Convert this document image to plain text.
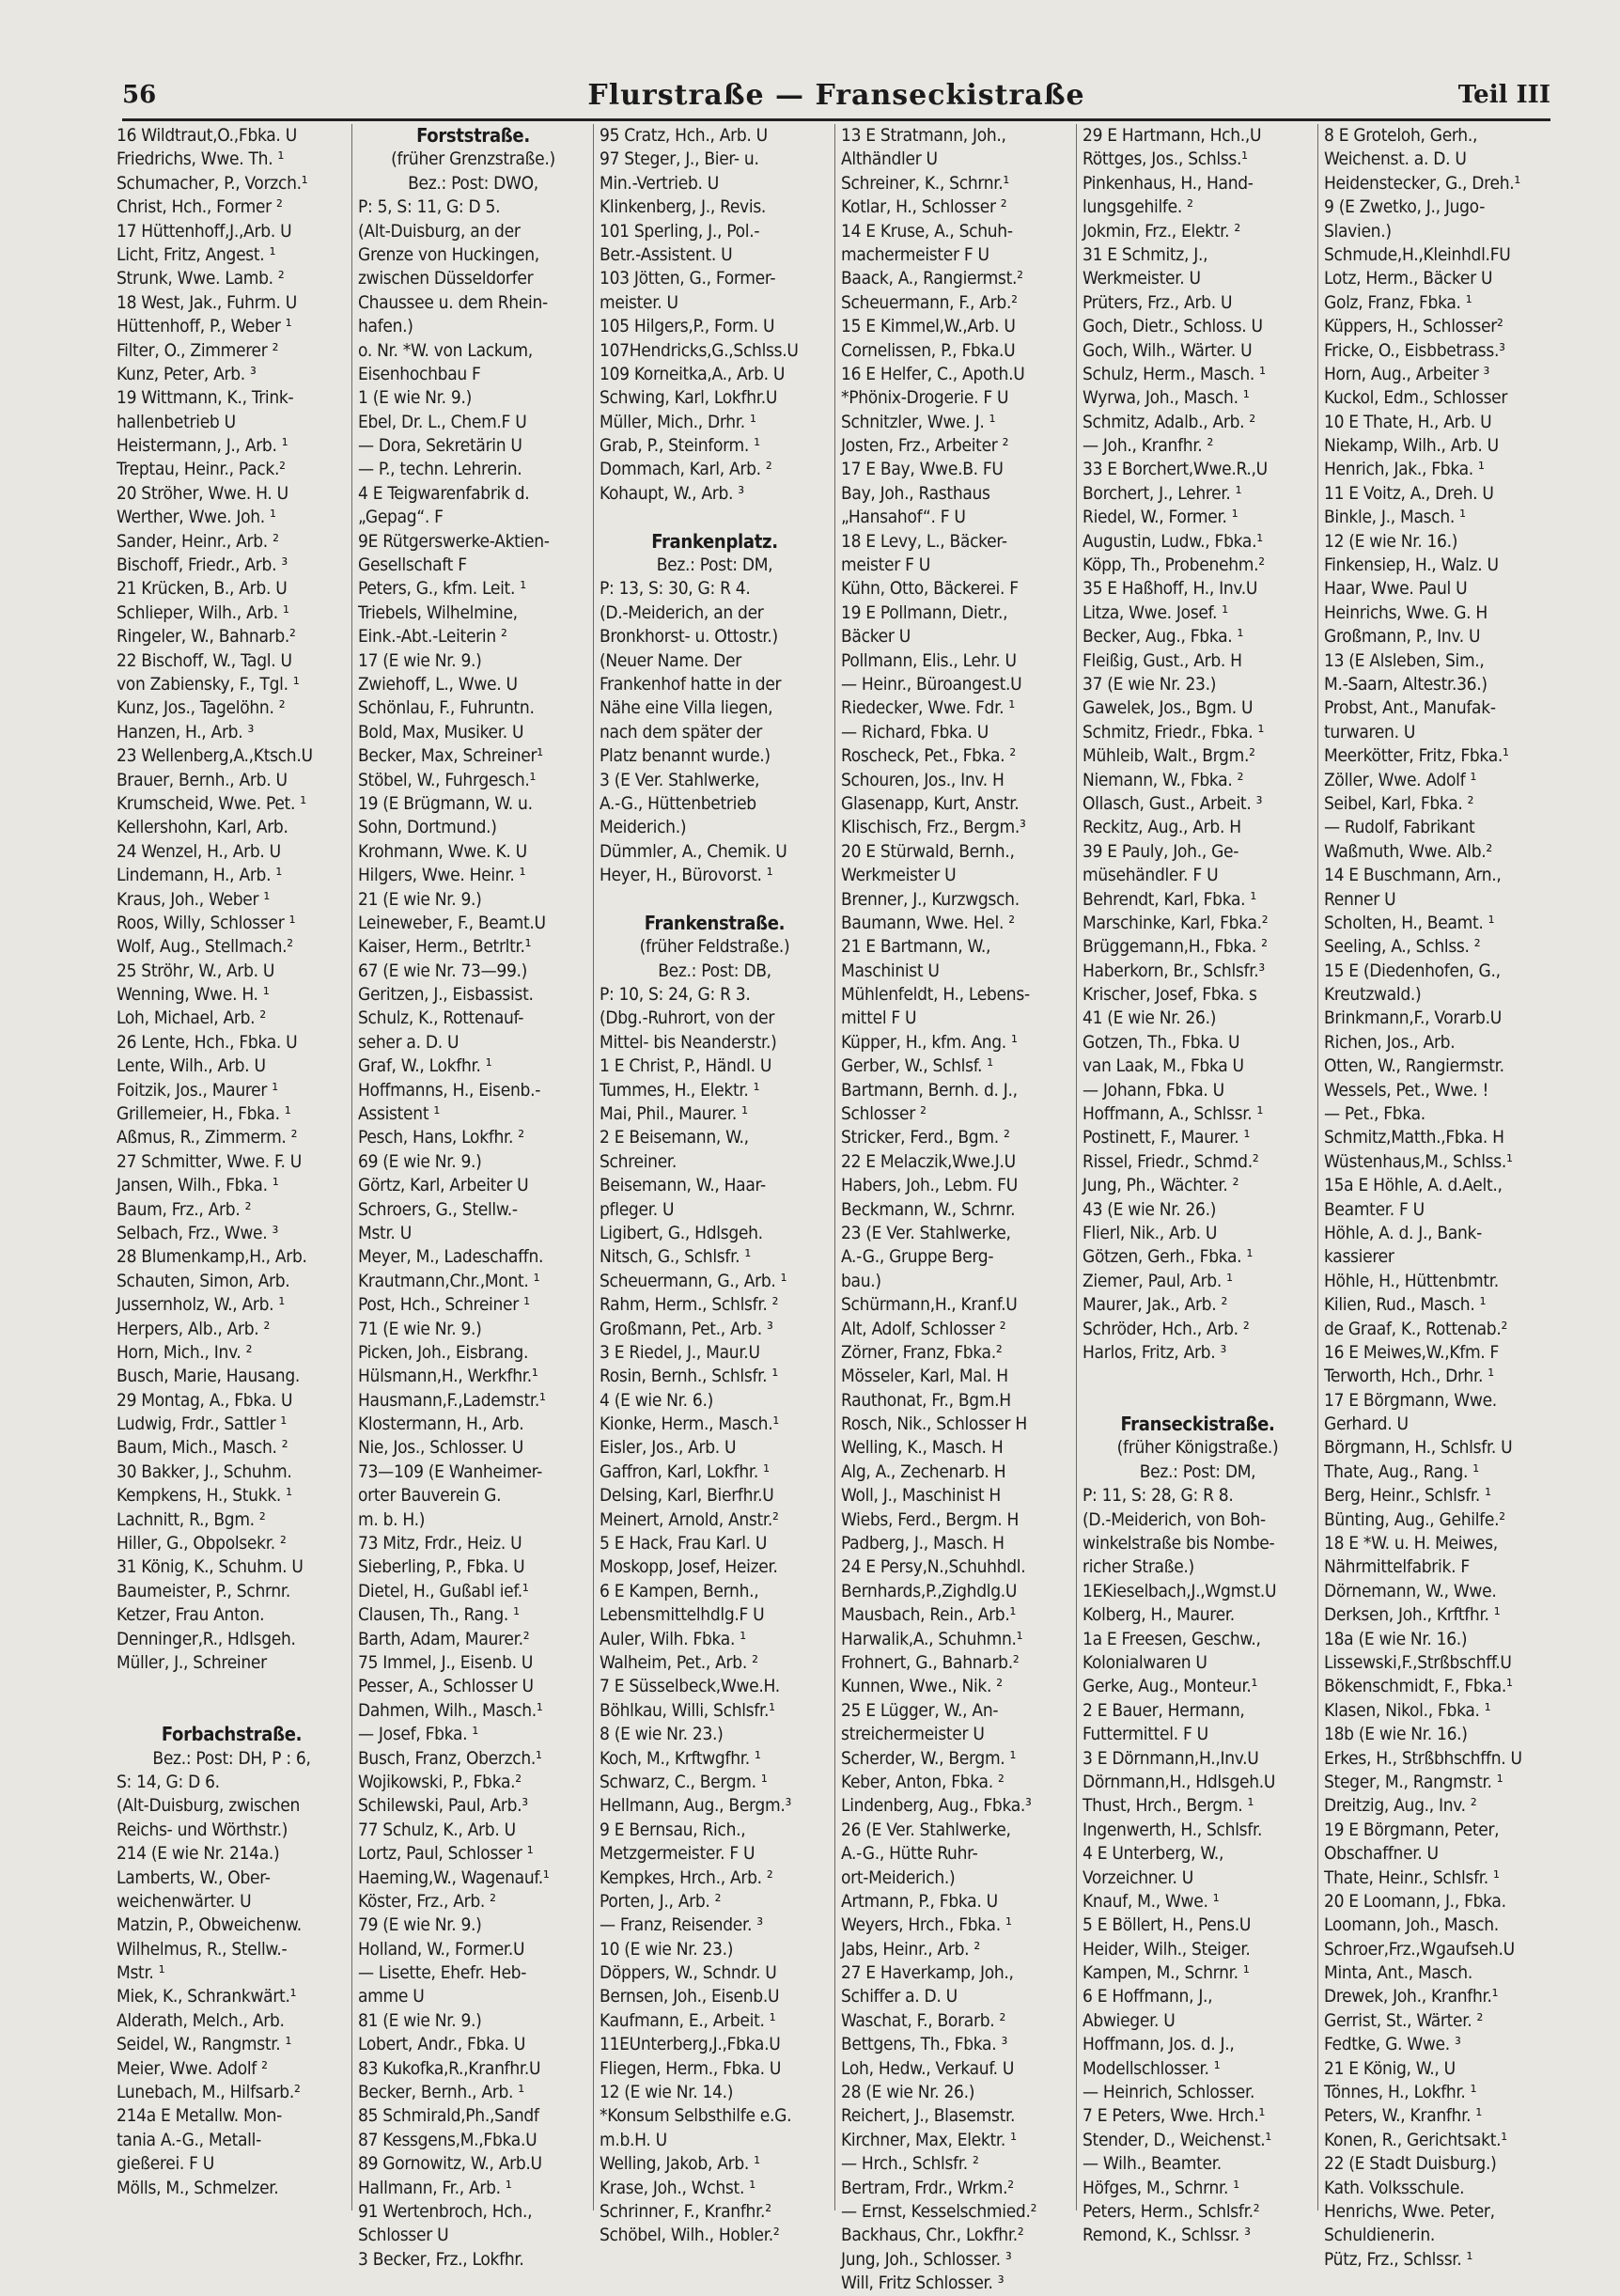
56	Flurstraße — Franseckistraße	Teil III
16 Wildtraut,O.,Fbka. U
Friedrichs, Wwe. Th. ¹
Schumacher, P., Vorzch.¹
Christ, Hch., Former ²
17 Hüttenhoff,J.,Arb. U
Licht, Fritz, Angest. ¹
Strunk, Wwe. Lamb. ²
18 West, Jak., Fuhrm. U
Hüttenhoff, P., Weber ¹
Filter, O., Zimmerer ²
Kunz, Peter, Arb. ³
19 Wittmann, K., Trink-
hallenbetrieb U
Heistermann, J., Arb. ¹
Treptau, Heinr., Pack.²
20 Ströher, Wwe. H. U
Werther, Wwe. Joh. ¹
Sander, Heinr., Arb. ²
Bischoff, Friedr., Arb. ³
21 Krücken, B., Arb. U
Schlieper, Wilh., Arb. ¹
Ringeler, W., Bahnarb.²
22 Bischoff, W., Tagl. U
von Zabiensky, F., Tgl. ¹
Kunz, Jos., Tagelöhn. ²
Hanzen, H., Arb. ³
23 Wellenberg,A.,Ktsch.U
Brauer, Bernh., Arb. U
Krumscheid, Wwe. Pet. ¹
Kellershohn, Karl, Arb.
24 Wenzel, H., Arb. U
Lindemann, H., Arb. ¹
Kraus, Joh., Weber ¹
Roos, Willy, Schlosser ¹
Wolf, Aug., Stellmach.²
25 Ströhr, W., Arb. U
Wenning, Wwe. H. ¹
Loh, Michael, Arb. ²
26 Lente, Hch., Fbka. U
Lente, Wilh., Arb. U
Foitzik, Jos., Maurer ¹
Grillemeier, H., Fbka. ¹
Aßmus, R., Zimmerm. ²
27 Schmitter, Wwe. F. U
Jansen, Wilh., Fbka. ¹
Baum, Frz., Arb. ²
Selbach, Frz., Wwe. ³
28 Blumenkamp,H., Arb.
Schauten, Simon, Arb.
Jussernholz, W., Arb. ¹
Herpers, Alb., Arb. ²
Horn, Mich., Inv. ²
Busch, Marie, Hausang.
29 Montag, A., Fbka. U
Ludwig, Frdr., Sattler ¹
Baum, Mich., Masch. ²
30 Bakker, J., Schuhm.
Kempkens, H., Stukk. ¹
Lachnitt, R., Bgm. ²
Hiller, G., Obpolsekr. ²
31 König, K., Schuhm. U
Baumeister, P., Schrnr.
Ketzer, Frau Anton.
Denninger,R., Hdlsgeh.
Müller, J., Schreiner
Forbachstraße.
Bez.: Post: DH, P : 6,
S: 14, G: D 6.
(Alt-Duisburg, zwischen
Reichs- und Wörthstr.)
214 (E wie Nr. 214a.)
Lamberts, W., Ober-
weichenwärter. U
Matzin, P., Obweichenw.
Wilhelmus, R., Stellw.-
Mstr. ¹
Miek, K., Schrankwärt.¹
Alderath, Melch., Arb.
Seidel, W., Rangmstr. ¹
Meier, Wwe. Adolf ²
Lunebach, M., Hilfsarb.²
214a E Metallw. Mon-
tania A.-G., Metall-
gießerei. F U
Mölls, M., Schmelzer.
Forststraße.
(früher Grenzstraße.)
Bez.: Post: DWO,
P: 5, S: 11, G: D 5.
(Alt-Duisburg, an der
Grenze von Huckingen,
zwischen Düsseldorfer
Chaussee u. dem Rhein-
hafen.)
o. Nr. *W. von Lackum,
Eisenhochbau F
1 (E wie Nr. 9.)
Ebel, Dr. L., Chem.F U
— Dora, Sekretärin U
— P., techn. Lehrerin.
4 E Teigwarenfabrik d.
„Gepag“. F
9E Rütgerswerke-Aktien-
Gesellschaft F
Peters, G., kfm. Leit. ¹
Triebels, Wilhelmine,
Eink.-Abt.-Leiterin ²
17 (E wie Nr. 9.)
Zwiehoff, L., Wwe. U
Schönlau, F., Fuhruntn.
Bold, Max, Musiker. U
Becker, Max, Schreiner¹
Stöbel, W., Fuhrgesch.¹
19 (E Brügmann, W. u.
Sohn, Dortmund.)
Krohmann, Wwe. K. U
Hilgers, Wwe. Heinr. ¹
21 (E wie Nr. 9.)
Leineweber, F., Beamt.U
Kaiser, Herm., Betrltr.¹
67 (E wie Nr. 73—99.)
Geritzen, J., Eisbassist.
Schulz, K., Rottenauf-
seher a. D. U
Graf, W., Lokfhr. ¹
Hoffmanns, H., Eisenb.-
Assistent ¹
Pesch, Hans, Lokfhr. ²
69 (E wie Nr. 9.)
Görtz, Karl, Arbeiter U
Schroers, G., Stellw.-
Mstr. U
Meyer, M., Ladeschaffn.
Krautmann,Chr.,Mont. ¹
Post, Hch., Schreiner ¹
71 (E wie Nr. 9.)
Picken, Joh., Eisbrang.
Hülsmann,H., Werkfhr.¹
Hausmann,F.,Lademstr.¹
Klostermann, H., Arb.
Nie, Jos., Schlosser. U
73—109 (E Wanheimer-
orter Bauverein G.
m. b. H.)
73 Mitz, Frdr., Heiz. U
Sieberling, P., Fbka. U
Dietel, H., Gußabl ief.¹
Clausen, Th., Rang. ¹
Barth, Adam, Maurer.²
75 Immel, J., Eisenb. U
Pesser, A., Schlosser U
Dahmen, Wilh., Masch.¹
— Josef, Fbka. ¹
Busch, Franz, Oberzch.¹
Wojikowski, P., Fbka.²
Schilewski, Paul, Arb.³
77 Schulz, K., Arb. U
Lortz, Paul, Schlosser ¹
Haeming,W., Wagenauf.¹
Köster, Frz., Arb. ²
79 (E wie Nr. 9.)
Holland, W., Former.U
— Lisette, Ehefr. Heb-
amme U
81 (E wie Nr. 9.)
Lobert, Andr., Fbka. U
83 Kukofka,R.,Kranfhr.U
Becker, Bernh., Arb. ¹
85 Schmirald,Ph.,Sandf
87 Kessgens,M.,Fbka.U
89 Gornowitz, W., Arb.U
Hallmann, Fr., Arb. ¹
91 Wertenbroch, Hch.,
Schlosser U
3 Becker, Frz., Lokfhr.
95 Cratz, Hch., Arb. U
97 Steger, J., Bier- u.
Min.-Vertrieb. U
Klinkenberg, J., Revis.
101 Sperling, J., Pol.-
Betr.-Assistent. U
103 Jötten, G., Former-
meister. U
105 Hilgers,P., Form. U
107Hendricks,G.,Schlss.U
109 Korneitka,A., Arb. U
Schwing, Karl, Lokfhr.U
Müller, Mich., Drhr. ¹
Grab, P., Steinform. ¹
Dommach, Karl, Arb. ²
Kohaupt, W., Arb. ³
Frankenplatz.
Bez.: Post: DM,
P: 13, S: 30, G: R 4.
(D.-Meiderich, an der
Bronkhorst- u. Ottostr.)
(Neuer Name. Der
Frankenhof hatte in der
Nähe eine Villa liegen,
nach dem später der
Platz benannt wurde.)
3 (E Ver. Stahlwerke,
A.-G., Hüttenbetrieb
Meiderich.)
Dümmler, A., Chemik. U
Heyer, H., Bürovorst. ¹
Frankenstraße.
(früher Feldstraße.)
Bez.: Post: DB,
P: 10, S: 24, G: R 3.
(Dbg.-Ruhrort, von der
Mittel- bis Neanderstr.)
1 E Christ, P., Händl. U
Tummes, H., Elektr. ¹
Mai, Phil., Maurer. ¹
2 E Beisemann, W.,
Schreiner.
Beisemann, W., Haar-
pfleger. U
Ligibert, G., Hdlsgeh.
Nitsch, G., Schlsfr. ¹
Scheuermann, G., Arb. ¹
Rahm, Herm., Schlsfr. ²
Großmann, Pet., Arb. ³
3 E Riedel, J., Maur.U
Rosin, Bernh., Schlsfr. ¹
4 (E wie Nr. 6.)
Kionke, Herm., Masch.¹
Eisler, Jos., Arb. U
Gaffron, Karl, Lokfhr. ¹
Delsing, Karl, Bierfhr.U
Meinert, Arnold, Anstr.²
5 E Hack, Frau Karl. U
Moskopp, Josef, Heizer.
6 E Kampen, Bernh.,
Lebensmittelhdlg.F U
Auler, Wilh. Fbka. ¹
Walheim, Pet., Arb. ²
7 E Süsselbeck,Wwe.H.
Böhlkau, Willi, Schlsfr.¹
8 (E wie Nr. 23.)
Koch, M., Krftwgfhr. ¹
Schwarz, C., Bergm. ¹
Hellmann, Aug., Bergm.³
9 E Bernsau, Rich.,
Metzgermeister. F U
Kempkes, Hrch., Arb. ²
Porten, J., Arb. ²
— Franz, Reisender. ³
10 (E wie Nr. 23.)
Döppers, W., Schndr. U
Bernsen, Joh., Eisenb.U
Kaufmann, E., Arbeit. ¹
11EUnterberg,J.,Fbka.U
Fliegen, Herm., Fbka. U
12 (E wie Nr. 14.)
*Konsum Selbsthilfe e.G.
m.b.H. U
Welling, Jakob, Arb. ¹
Krase, Joh., Wchst. ¹
Schrinner, F., Kranfhr.²
Schöbel, Wilh., Hobler.²
13 E Stratmann, Joh.,
Althändler U
Schreiner, K., Schrnr.¹
Kotlar, H., Schlosser ²
14 E Kruse, A., Schuh-
machermeister F U
Baack, A., Rangiermst.²
Scheuermann, F., Arb.²
15 E Kimmel,W.,Arb. U
Cornelissen, P., Fbka.U
16 E Helfer, C., Apoth.U
*Phönix-Drogerie. F U
Schnitzler, Wwe. J. ¹
Josten, Frz., Arbeiter ²
17 E Bay, Wwe.B. FU
Bay, Joh., Rasthaus
„Hansahof“. F U
18 E Levy, L., Bäcker-
meister F U
Kühn, Otto, Bäckerei. F
19 E Pollmann, Dietr.,
Bäcker U
Pollmann, Elis., Lehr. U
— Heinr., Büroangest.U
Riedecker, Wwe. Fdr. ¹
— Richard, Fbka. U
Roscheck, Pet., Fbka. ²
Schouren, Jos., Inv. H
Glasenapp, Kurt, Anstr.
Klischisch, Frz., Bergm.³
20 E Stürwald, Bernh.,
Werkmeister U
Brenner, J., Kurzwgsch.
Baumann, Wwe. Hel. ²
21 E Bartmann, W.,
Maschinist U
Mühlenfeldt, H., Lebens-
mittel F U
Küpper, H., kfm. Ang. ¹
Gerber, W., Schlsf. ¹
Bartmann, Bernh. d. J.,
Schlosser ²
Stricker, Ferd., Bgm. ²
22 E Melaczik,Wwe.J.U
Habers, Joh., Lebm. FU
Beckmann, W., Schrnr.
23 (E Ver. Stahlwerke,
A.-G., Gruppe Berg-
bau.)
Schürmann,H., Kranf.U
Alt, Adolf, Schlosser ²
Zörner, Franz, Fbka.²
Mösseler, Karl, Mal. H
Rauthonat, Fr., Bgm.H
Rosch, Nik., Schlosser H
Welling, K., Masch. H
Alg, A., Zechenarb. H
Woll, J., Maschinist H
Wiebs, Ferd., Bergm. H
Padberg, J., Masch. H
24 E Persy,N.,Schuhhdl.
Bernhards,P.,Zighdlg.U
Mausbach, Rein., Arb.¹
Harwalik,A., Schuhmn.¹
Frohnert, G., Bahnarb.²
Kunnen, Wwe., Nik. ²
25 E Lügger, W., An-
streichermeister U
Scherder, W., Bergm. ¹
Keber, Anton, Fbka. ²
Lindenberg, Aug., Fbka.³
26 (E Ver. Stahlwerke,
A.-G., Hütte Ruhr-
ort-Meiderich.)
Artmann, P., Fbka. U
Weyers, Hrch., Fbka. ¹
Jabs, Heinr., Arb. ²
27 E Haverkamp, Joh.,
Schiffer a. D. U
Waschat, F., Borarb. ²
Bettgens, Th., Fbka. ³
Loh, Hedw., Verkauf. U
28 (E wie Nr. 26.)
Reichert, J., Blasemstr.
Kirchner, Max, Elektr. ¹
— Hrch., Schlsfr. ²
Bertram, Frdr., Wrkm.²
— Ernst, Kesselschmied.²
Backhaus, Chr., Lokfhr.²
Jung, Joh., Schlosser. ³
Will, Fritz Schlosser. ³
29 E Hartmann, Hch.,U
Röttges, Jos., Schlss.¹
Pinkenhaus, H., Hand-
lungsgehilfe. ²
Jokmin, Frz., Elektr. ²
31 E Schmitz, J.,
Werkmeister. U
Prüters, Frz., Arb. U
Goch, Dietr., Schloss. U
Goch, Wilh., Wärter. U
Schulz, Herm., Masch. ¹
Wyrwa, Joh., Masch. ¹
Schmitz, Adalb., Arb. ²
— Joh., Kranfhr. ²
33 E Borchert,Wwe.R.,U
Borchert, J., Lehrer. ¹
Riedel, W., Former. ¹
Augustin, Ludw., Fbka.¹
Köpp, Th., Probenehm.²
35 E Haßhoff, H., Inv.U
Litza, Wwe. Josef. ¹
Becker, Aug., Fbka. ¹
Fleißig, Gust., Arb. H
37 (E wie Nr. 23.)
Gawelek, Jos., Bgm. U
Schmitz, Friedr., Fbka. ¹
Mühleib, Walt., Brgm.²
Niemann, W., Fbka. ²
Ollasch, Gust., Arbeit. ³
Reckitz, Aug., Arb. H
39 E Pauly, Joh., Ge-
müsehändler. F U
Behrendt, Karl, Fbka. ¹
Marschinke, Karl, Fbka.²
Brüggemann,H., Fbka. ²
Haberkorn, Br., Schlsfr.³
Krischer, Josef, Fbka. s
41 (E wie Nr. 26.)
Gotzen, Th., Fbka. U
van Laak, M., Fbka U
— Johann, Fbka. U
Hoffmann, A., Schlssr. ¹
Postinett, F., Maurer. ¹
Rissel, Friedr., Schmd.²
Jung, Ph., Wächter. ²
43 (E wie Nr. 26.)
Flierl, Nik., Arb. U
Götzen, Gerh., Fbka. ¹
Ziemer, Paul, Arb. ¹
Maurer, Jak., Arb. ²
Schröder, Hch., Arb. ²
Harlos, Fritz, Arb. ³
Franseckistraße.
(früher Königstraße.)
Bez.: Post: DM,
P: 11, S: 28, G: R 8.
(D.-Meiderich, von Boh-
winkelstraße bis Nombe-
richer Straße.)
1EKieselbach,J.,Wgmst.U
Kolberg, H., Maurer.
1a E Freesen, Geschw.,
Kolonialwaren U
Gerke, Aug., Monteur.¹
2 E Bauer, Hermann,
Futtermittel. F U
3 E Dörnmann,H.,Inv.U
Dörnmann,H., Hdlsgeh.U
Thust, Hrch., Bergm. ¹
Ingenwerth, H., Schlsfr.
4 E Unterberg, W.,
Vorzeichner. U
Knauf, M., Wwe. ¹
5 E Böllert, H., Pens.U
Heider, Wilh., Steiger.
Kampen, M., Schrnr. ¹
6 E Hoffmann, J.,
Abwieger. U
Hoffmann, Jos. d. J.,
Modellschlosser. ¹
— Heinrich, Schlosser.
7 E Peters, Wwe. Hrch.¹
Stender, D., Weichenst.¹
— Wilh., Beamter.
Höfges, M., Schrnr. ¹
Peters, Herm., Schlsfr.²
Remond, K., Schlssr. ³
8 E Groteloh, Gerh.,
Weichenst. a. D. U
Heidenstecker, G., Dreh.¹
9 (E Zwetko, J., Jugo-
Slavien.)
Schmude,H.,Kleinhdl.FU
Lotz, Herm., Bäcker U
Golz, Franz, Fbka. ¹
Küppers, H., Schlosser²
Fricke, O., Eisbbetrass.³
Horn, Aug., Arbeiter ³
Kuckol, Edm., Schlosser
10 E Thate, H., Arb. U
Niekamp, Wilh., Arb. U
Henrich, Jak., Fbka. ¹
11 E Voitz, A., Dreh. U
Binkle, J., Masch. ¹
12 (E wie Nr. 16.)
Finkensiep, H., Walz. U
Haar, Wwe. Paul U
Heinrichs, Wwe. G. H
Großmann, P., Inv. U
13 (E Alsleben, Sim.,
M.-Saarn, Altestr.36.)
Probst, Ant., Manufak-
turwaren. U
Meerkötter, Fritz, Fbka.¹
Zöller, Wwe. Adolf ¹
Seibel, Karl, Fbka. ²
— Rudolf, Fabrikant
Waßmuth, Wwe. Alb.²
14 E Buschmann, Arn.,
Renner U
Scholten, H., Beamt. ¹
Seeling, A., Schlss. ²
15 E (Diedenhofen, G.,
Kreutzwald.)
Brinkmann,F., Vorarb.U
Richen, Jos., Arb.
Otten, W., Rangiermstr.
Wessels, Pet., Wwe. !
— Pet., Fbka.
Schmitz,Matth.,Fbka. H
Wüstenhaus,M., Schlss.¹
15a E Höhle, A. d.Aelt.,
Beamter. F U
Höhle, A. d. J., Bank-
kassierer
Höhle, H., Hüttenbmtr.
Kilien, Rud., Masch. ¹
de Graaf, K., Rottenab.²
16 E Meiwes,W.,Kfm. F
Terworth, Hch., Drhr. ¹
17 E Börgmann, Wwe.
Gerhard. U
Börgmann, H., Schlsfr. U
Thate, Aug., Rang. ¹
Berg, Heinr., Schlsfr. ¹
Bünting, Aug., Gehilfe.²
18 E *W. u. H. Meiwes,
Nährmittelfabrik. F
Dörnemann, W., Wwe.
Derksen, Joh., Krftfhr. ¹
18a (E wie Nr. 16.)
Lissewski,F.,Strßbschff.U
Bökenschmidt, F., Fbka.¹
Klasen, Nikol., Fbka. ¹
18b (E wie Nr. 16.)
Erkes, H., Strßbhschffn. U
Steger, M., Rangmstr. ¹
Dreitzig, Aug., Inv. ²
19 E Börgmann, Peter,
Obschaffner. U
Thate, Heinr., Schlsfr. ¹
20 E Loomann, J., Fbka.
Loomann, Joh., Masch.
Schroer,Frz.,Wgaufseh.U
Minta, Ant., Masch.
Drewek, Joh., Kranfhr.¹
Gerrist, St., Wärter. ²
Fedtke, G. Wwe. ³
21 E König, W., U
Tönnes, H., Lokfhr. ¹
Peters, W., Kranfhr. ¹
Konen, R., Gerichtsakt.¹
22 (E Stadt Duisburg.)
Kath. Volksschule.
Henrichs, Wwe. Peter,
Schuldienerin.
Pütz, Frz., Schlssr. ¹
